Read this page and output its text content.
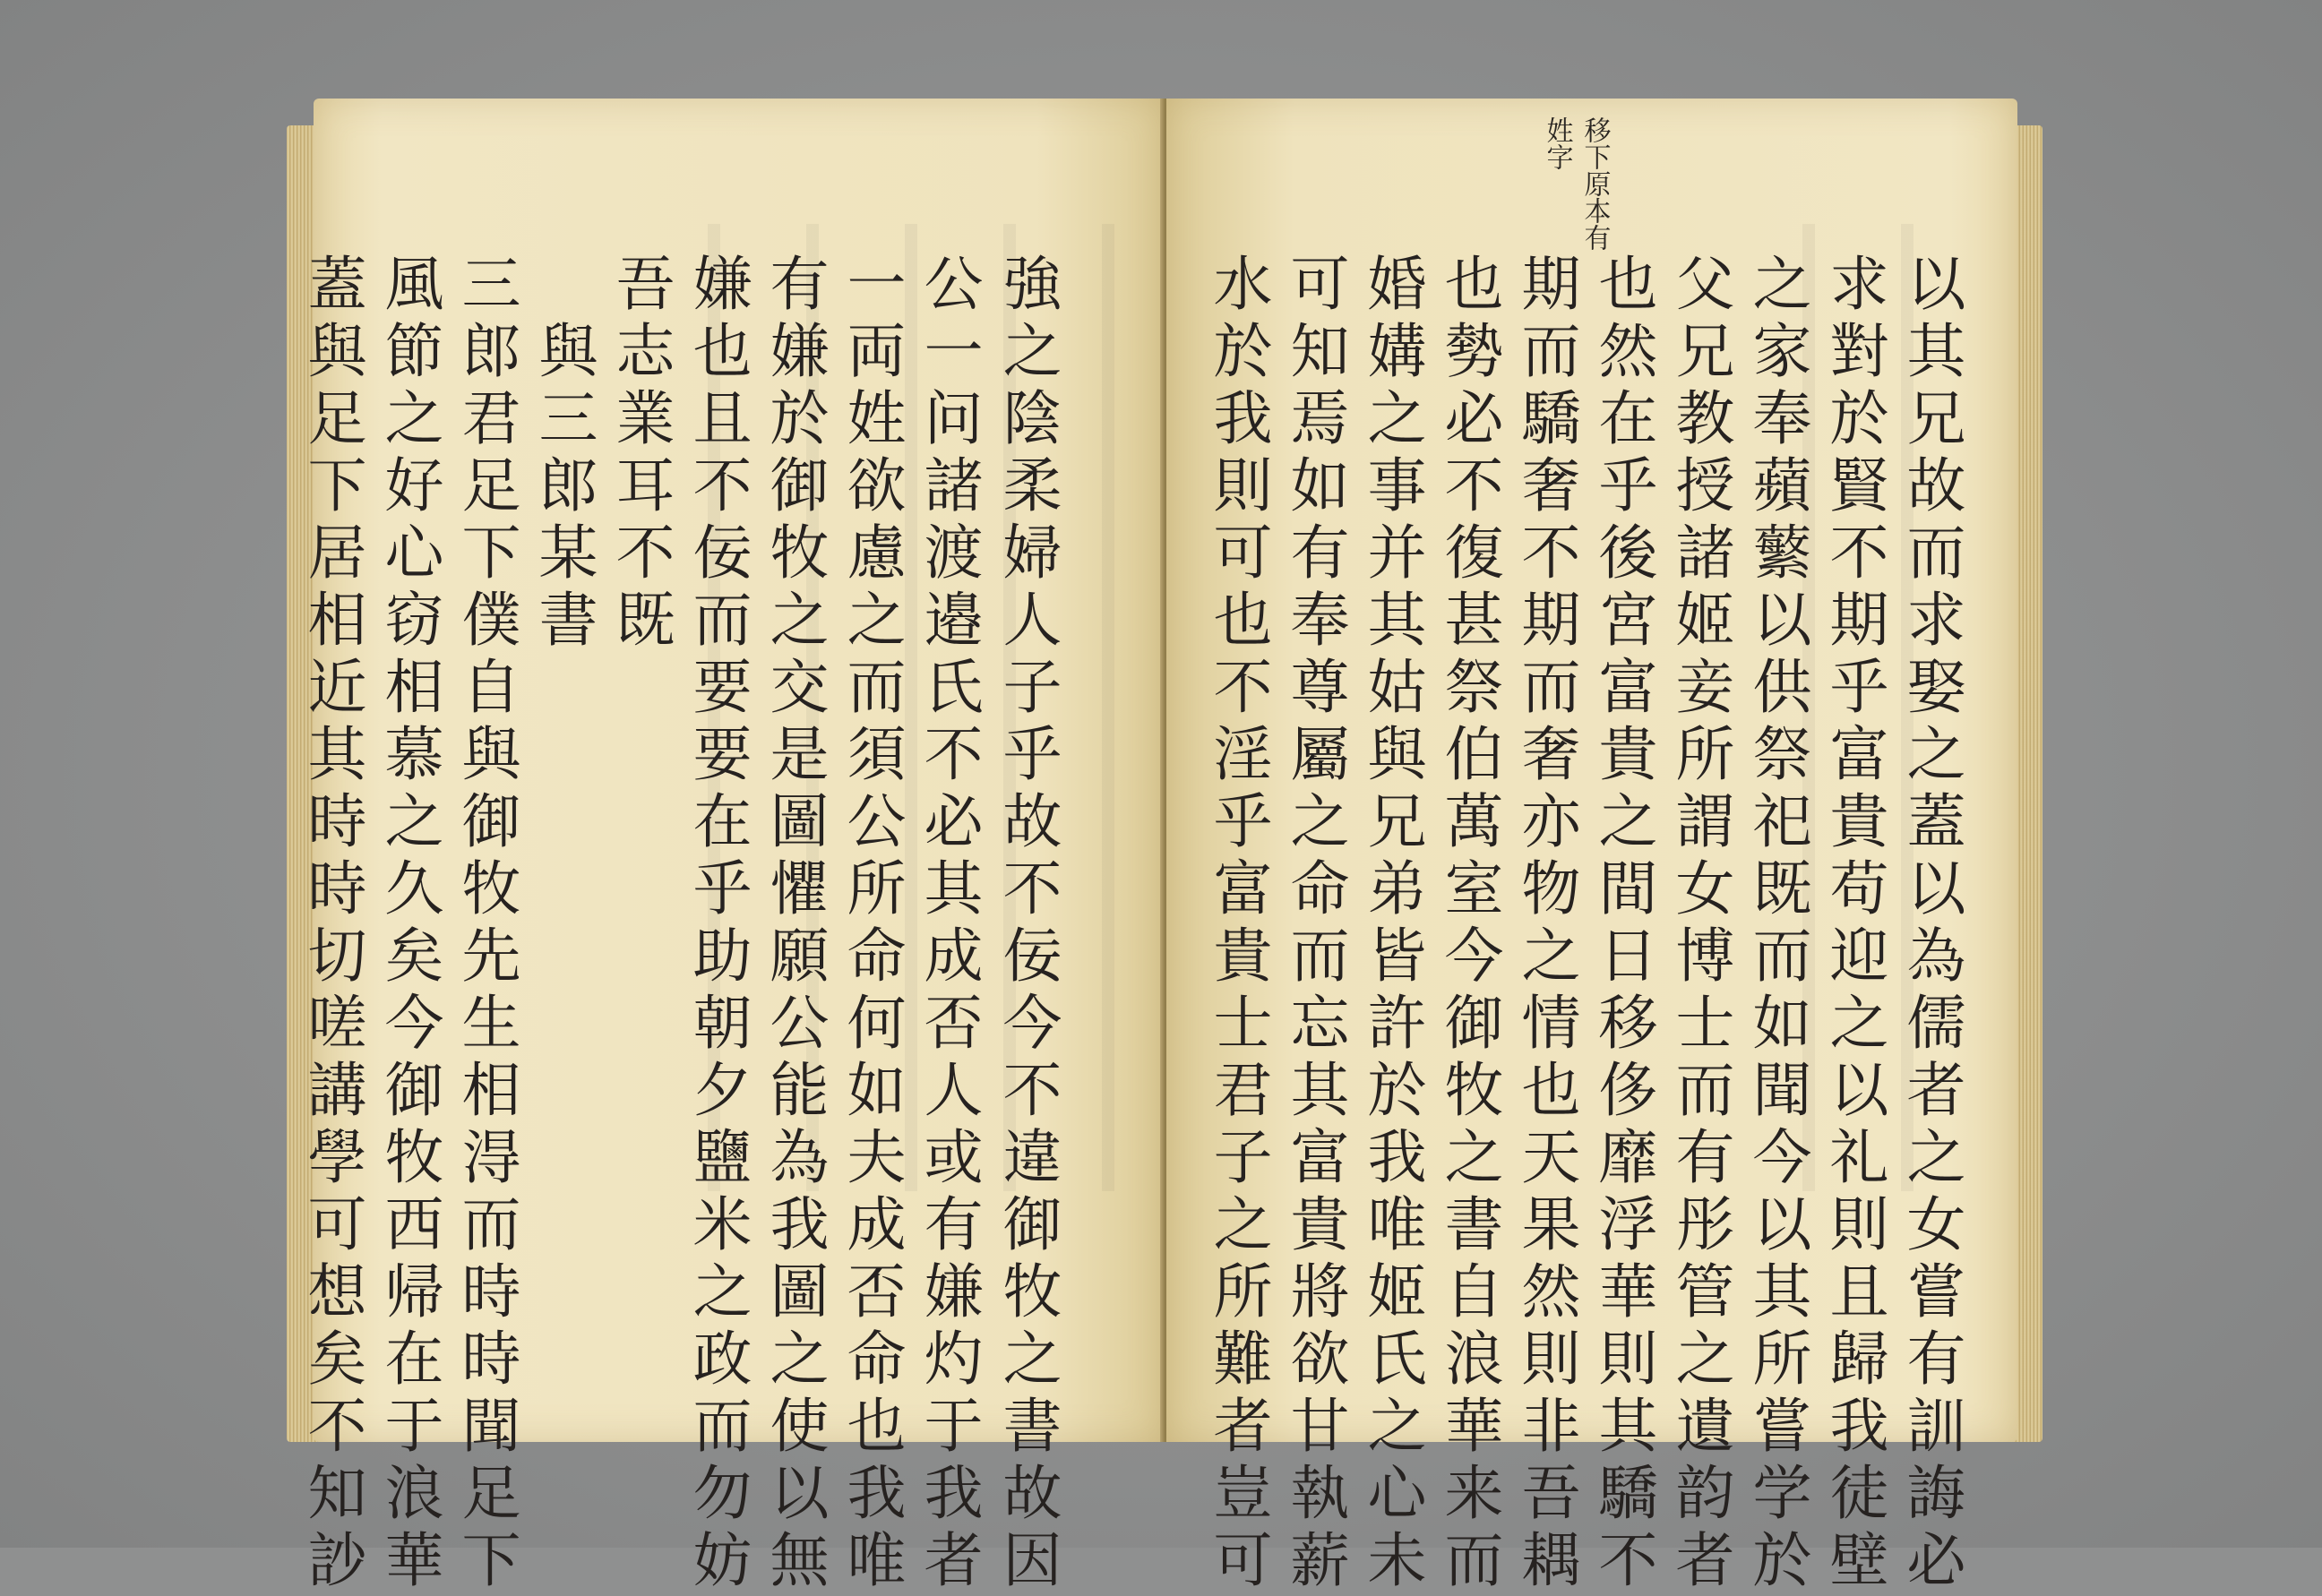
強之陰柔婦人子乎故不佞今不違御牧之書故因
公一问諸渡邉氏不必其成否人或有嫌灼于我者
一両姓欲慮之而須公所命何如夫成否命也我唯
有嫌於御牧之交是圖懼願公能為我圖之使以無
嫌也且不佞而要要在乎助朝夕鹽米之政而勿妨
吾志業耳不既
　與三郎某書
三郎君足下僕自與御牧先生相淂而時時聞足下
風節之好心窃相慕之久矣今御牧西帰在于浪華
蓋與足下居相近其時時切嗟講學可想矣不知訬
移下原本有
姓字
以其兄故而求娶之蓋以為儒者之女嘗有訓誨必
求對於賢不期乎富貴苟迎之以礼則且歸我徒壁
之家奉蘋蘩以供祭祀既而如聞今以其所嘗学於
父兄教授諸姬妾所謂女博士而有彤管之遺韵者
也然在乎後宮富貴之間日移侈靡浮華則其驕不
期而驕奢不期而奢亦物之情也天果然則非吾耦
也勢必不復甚祭伯萬室今御牧之書自浪華来而
婚媾之事并其姑與兄弟皆許於我唯姬氏之心未
可知焉如有奉尊屬之命而忘其富貴將欲甘執薪
水於我則可也不淫乎富貴士君子之所難者豈可
